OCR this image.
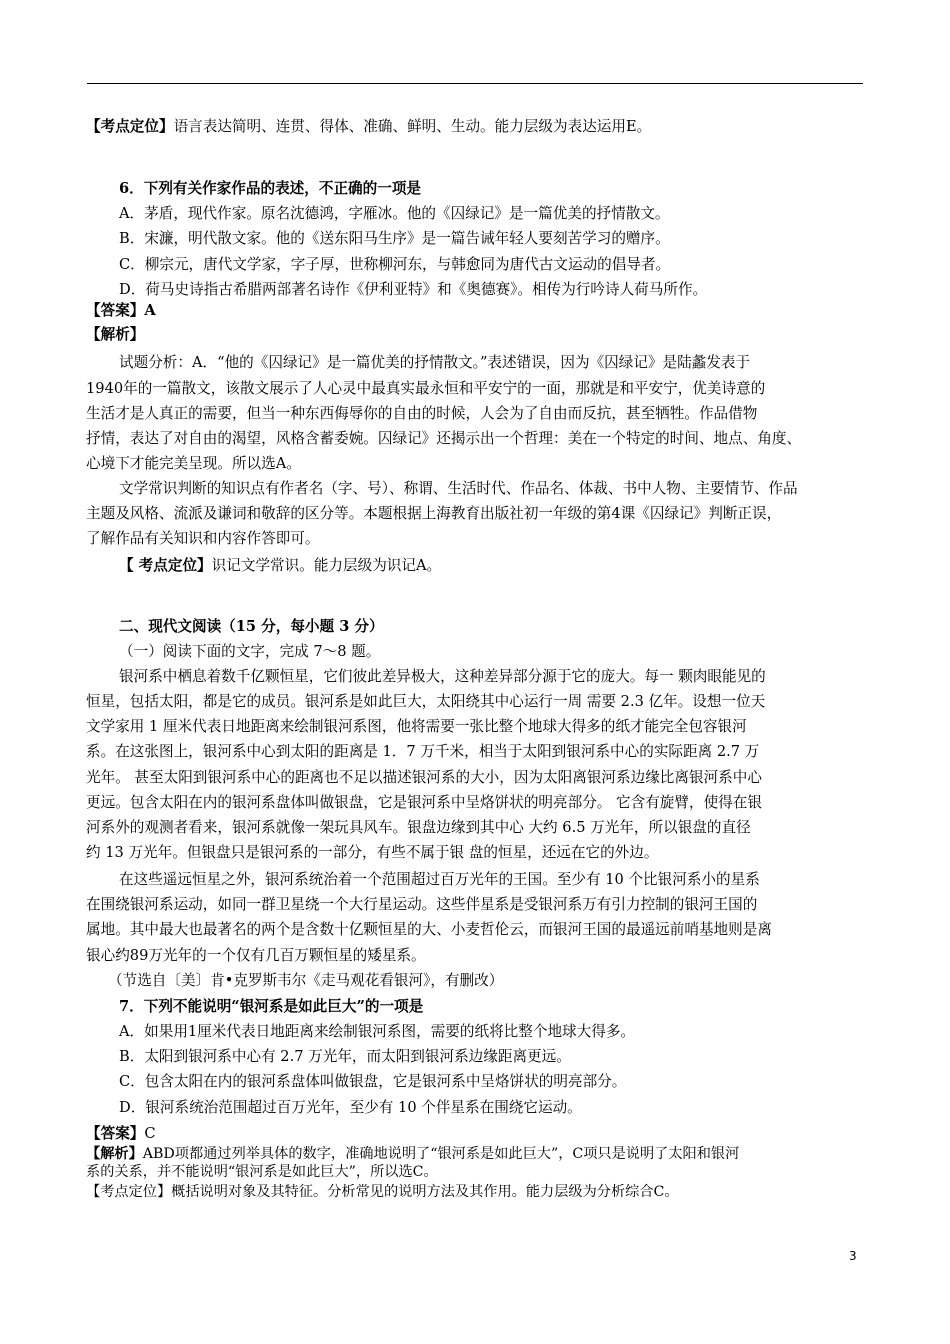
【考点定位】语言表达简明、连贯、得体、准确、鲜明、生动。能力层级为表达运用E。
6．下列有关作家作品的表述，不正确的一项是
A．茅盾，现代作家。原名沈德鸿，字雁冰。他的《囚绿记》是一篇优美的抒情散文。
B．宋濂，明代散文家。他的《送东阳马生序》是一篇告诫年轻人要刻苦学习的赠序。
C．柳宗元，唐代文学家，字子厚，世称柳河东，与韩愈同为唐代古文运动的倡导者。
D．荷马史诗指古希腊两部著名诗作《伊利亚特》和《奥德赛》。相传为行吟诗人荷马所作。
【答案】A
【解析】
试题分析：A．“他的《囚绿记》是一篇优美的抒情散文。”表述错误，因为《囚绿记》是陆蠡发表于
1940年的一篇散文，该散文展示了人心灵中最真实最永恒和平安宁的一面，那就是和平安宁，优美诗意的
生活才是人真正的需要，但当一种东西侮辱你的自由的时候，人会为了自由而反抗，甚至牺牲。作品借物
抒情，表达了对自由的渴望，风格含蓄委婉。囚绿记》还揭示出一个哲理：美在一个特定的时间、地点、角度、
心境下才能完美呈现。所以选A。
文学常识判断的知识点有作者名（字、号）、称谓、生活时代、作品名、体裁、书中人物、主要情节、作品
主题及风格、流派及谦词和敬辞的区分等。本题根据上海教育出版社初一年级的第4课《囚绿记》判断正误，
了解作品有关知识和内容作答即可。
【 考点定位】识记文学常识。能力层级为识记A。
二、现代文阅读（15 分，每小题 3 分）
（一）阅读下面的文字，完成 7～8 题。
银河系中栖息着数千亿颗恒星，它们彼此差异极大，这种差异部分源于它的庞大。每一 颗肉眼能见的
恒星，包括太阳，都是它的成员。银河系是如此巨大，太阳绕其中心运行一周 需要 2.3 亿年。设想一位天
文学家用 1 厘米代表日地距离来绘制银河系图，他将需要一张比整个地球大得多的纸才能完全包容银河
系。在这张图上，银河系中心到太阳的距离是 1．7 万千米，相当于太阳到银河系中心的实际距离 2.7 万
光年。 甚至太阳到银河系中心的距离也不足以描述银河系的大小，因为太阳离银河系边缘比离银河系中心
更远。包含太阳在内的银河系盘体叫做银盘，它是银河系中呈烙饼状的明亮部分。 它含有旋臂，使得在银
河系外的观测者看来，银河系就像一架玩具风车。银盘边缘到其中心 大约 6.5 万光年，所以银盘的直径
约 13 万光年。但银盘只是银河系的一部分，有些不属于银 盘的恒星，还远在它的外边。
在这些遥远恒星之外，银河系统治着一个范围超过百万光年的王国。至少有 10 个比银河系小的星系
在围绕银河系运动，如同一群卫星绕一个大行星运动。这些伴星系是受银河系万有引力控制的银河王国的
属地。其中最大也最著名的两个是含数十亿颗恒星的大、小麦哲伦云，而银河王国的最遥远前哨基地则是离
银心约89万光年的一个仅有几百万颗恒星的矮星系。
（节选自〔美〕肯•克罗斯韦尔《走马观花看银河》，有删改）
7．下列不能说明“银河系是如此巨大”的一项是
A．如果用1厘米代表日地距离来绘制银河系图，需要的纸将比整个地球大得多。
B．太阳到银河系中心有 2.7 万光年，而太阳到银河系边缘距离更远。
C．包含太阳在内的银河系盘体叫做银盘，它是银河系中呈烙饼状的明亮部分。
D．银河系统治范围超过百万光年，至少有 10 个伴星系在围绕它运动。
【答案】C
【解析】ABD项都通过列举具体的数字，准确地说明了“银河系是如此巨大”，C项只是说明了太阳和银河
系的关系，并不能说明“银河系是如此巨大”，所以选C。
【考点定位】概括说明对象及其特征。分析常见的说明方法及其作用。能力层级为分析综合C。
3
